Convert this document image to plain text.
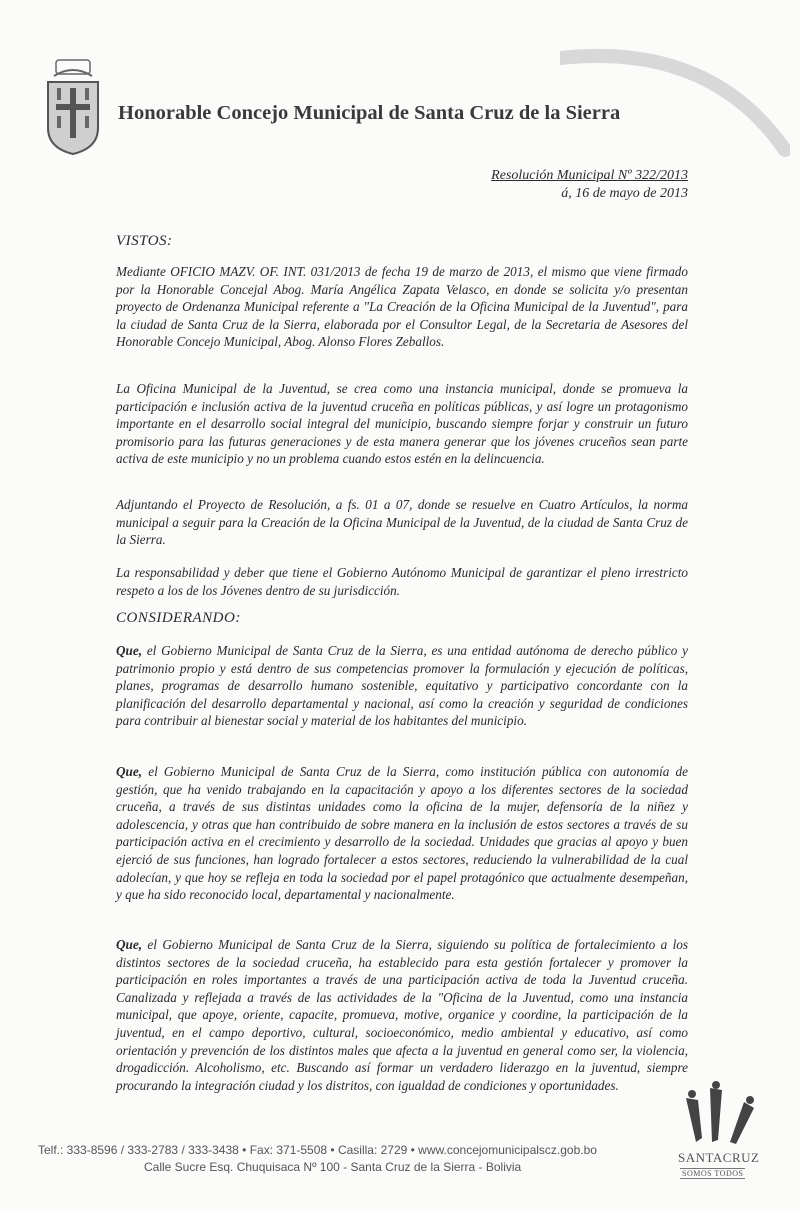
Honorable Concejo Municipal de Santa Cruz de la Sierra
Resolución Municipal Nº 322/2013
á, 16 de mayo de 2013
VISTOS:
Mediante OFICIO MAZV. OF. INT. 031/2013 de fecha 19 de marzo de 2013, el mismo que viene firmado por la Honorable Concejal Abog. María Angélica Zapata Velasco, en donde se solicita y/o presentan proyecto de Ordenanza Municipal referente a "La Creación de la Oficina Municipal de la Juventud", para la ciudad de Santa Cruz de la Sierra, elaborada por el Consultor Legal, de la Secretaria de Asesores del Honorable Concejo Municipal, Abog. Alonso Flores Zeballos.
La Oficina Municipal de la Juventud, se crea como una instancia municipal, donde se promueva la participación e inclusión activa de la juventud cruceña en políticas públicas, y así logre un protagonismo importante en el desarrollo social integral del municipio, buscando siempre forjar y construir un futuro promisorio para las futuras generaciones y de esta manera generar que los jóvenes cruceños sean parte activa de este municipio y no un problema cuando estos estén en la delincuencia.
Adjuntando el Proyecto de Resolución, a fs. 01 a 07, donde se resuelve en Cuatro Artículos, la norma municipal a seguir para la Creación de la Oficina Municipal de la Juventud, de la ciudad de Santa Cruz de la Sierra.
La responsabilidad y deber que tiene el Gobierno Autónomo Municipal de garantizar el pleno irrestricto respeto a los de los Jóvenes dentro de su jurisdicción.
CONSIDERANDO:
Que, el Gobierno Municipal de Santa Cruz de la Sierra, es una entidad autónoma de derecho público y patrimonio propio y está dentro de sus competencias promover la formulación y ejecución de políticas, planes, programas de desarrollo humano sostenible, equitativo y participativo concordante con la planificación del desarrollo departamental y nacional, así como la creación y seguridad de condiciones para contribuir al bienestar social y material de los habitantes del municipio.
Que, el Gobierno Municipal de Santa Cruz de la Sierra, como institución pública con autonomía de gestión, que ha venido trabajando en la capacitación y apoyo a los diferentes sectores de la sociedad cruceña, a través de sus distintas unidades como la oficina de la mujer, defensoría de la niñez y adolescencia, y otras que han contribuido de sobre manera en la inclusión de estos sectores a través de su participación activa en el crecimiento y desarrollo de la sociedad. Unidades que gracias al apoyo y buen ejerció de sus funciones, han logrado fortalecer a estos sectores, reduciendo la vulnerabilidad de la cual adolecían, y que hoy se refleja en toda la sociedad por el papel protagónico que actualmente desempeñan, y que ha sido reconocido local, departamental y nacionalmente.
Que, el Gobierno Municipal de Santa Cruz de la Sierra, siguiendo su política de fortalecimiento a los distintos sectores de la sociedad cruceña, ha establecido para esta gestión fortalecer y promover la participación en roles importantes a través de una participación activa de toda la Juventud cruceña. Canalizada y reflejada a través de las actividades de la "Oficina de la Juventud, como una instancia municipal, que apoye, oriente, capacite, promueva, motive, organice y coordine, la participación de la juventud, en el campo deportivo, cultural, socioeconómico, medio ambiental y educativo, así como orientación y prevención de los distintos males que afecta a la juventud en general como ser, la violencia, drogadicción. Alcoholismo, etc. Buscando así formar un verdadero liderazgo en la juventud, siempre procurando la integración ciudad y los distritos, con igualdad de condiciones y oportunidades.
Telf.: 333-8596 / 333-2783 / 333-3438 • Fax: 371-5508 • Casilla: 2729 • www.concejomunicipalscz.gob.bo
Calle Sucre Esq. Chuquisaca Nº 100 - Santa Cruz de la Sierra - Bolivia
SANTACRUZ
SOMOS TODOS
